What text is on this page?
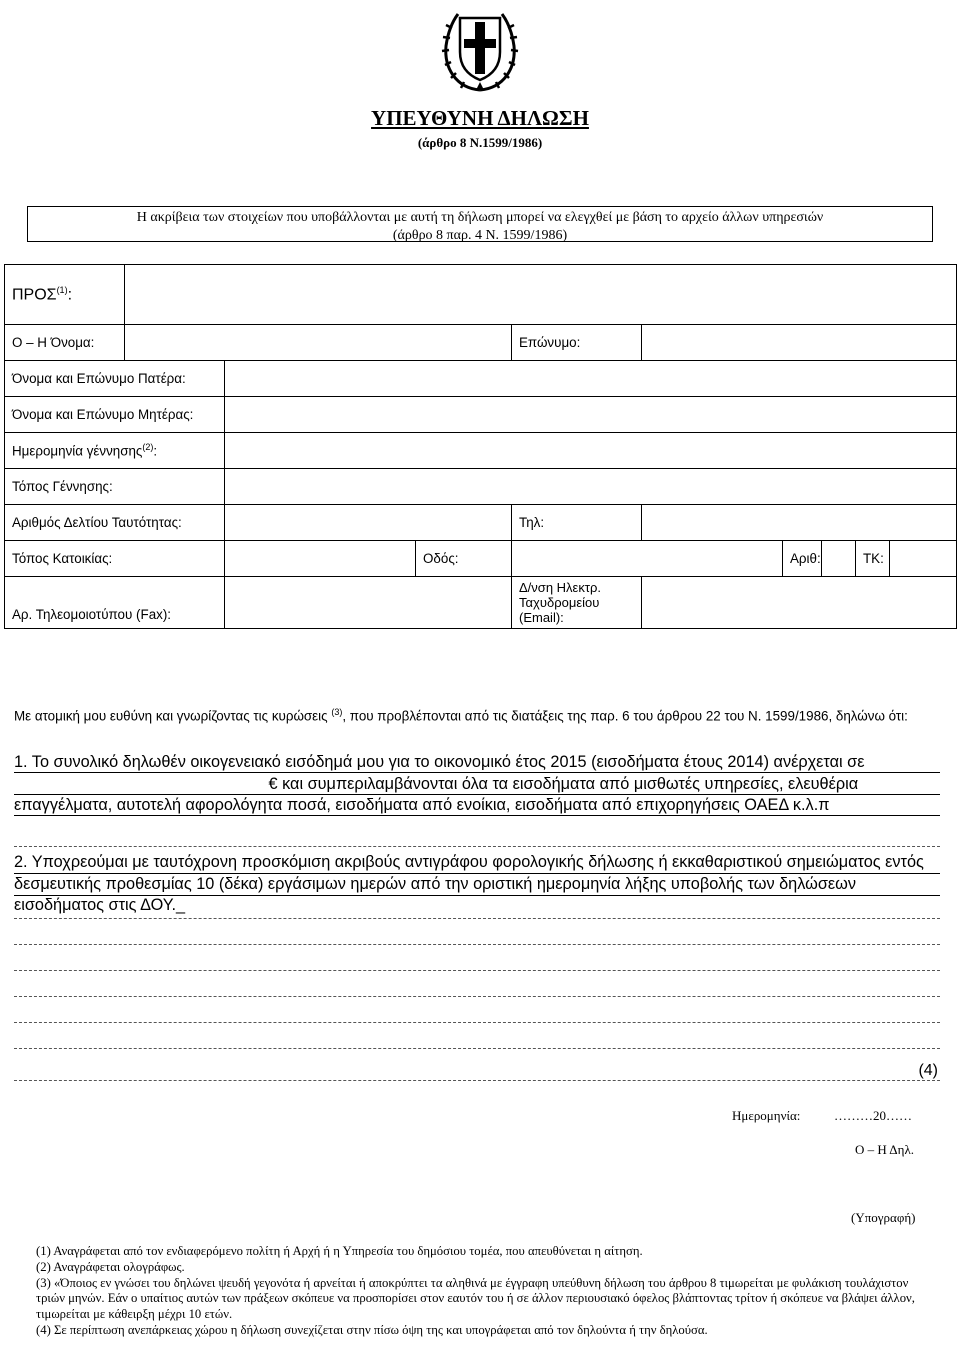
ΥΠΕΥΘΥΝΗ ΔΗΛΩΣΗ
(άρθρο 8 Ν.1599/1986)
Η ακρίβεια των στοιχείων που υποβάλλονται με αυτή τη δήλωση μπορεί να ελεγχθεί με βάση το αρχείο άλλων υπηρεσιών (άρθρο 8 παρ. 4 Ν. 1599/1986)
ΠΡΟΣ$^{(1)}$:									
Ο – Η Όνομα:				Επώνυμο:					
Όνομα και Επώνυμο Πατέρα:									
Όνομα και Επώνυμο Μητέρας:									
Ημερομηνία γέννησης$^{(2)}$:									
Τόπος Γέννησης:									
Αριθμός Δελτίου Ταυτότητας:				Τηλ:					
Τόπος Κατοικίας:			Οδός:			Αριθ:		ΤΚ:	
Αρ. Τηλεομοιοτύπου (Fax):				Δ/νση Ηλεκτρ.
Ταχυδρομείου
(Email):					

Με ατομική μου ευθύνη και γνωρίζοντας τις κυρώσεις $^{(3)}$, που προβλέπονται από τις διατάξεις της παρ. 6 του άρθρου 22 του Ν. 1599/1986, δηλώνω ότι:
1. Το συνολικό δηλωθέν οικογενειακό εισόδημά μου για το οικονομικό έτος 2015 (εισοδήματα έτους 2014) ανέρχεται σε  € και συμπεριλαμβάνονται όλα τα εισοδήματα από μισθωτές υπηρεσίες, ελευθέρια επαγγέλματα, αυτοτελή αφορολόγητα ποσά, εισοδήματα από ενοίκια, εισοδήματα από επιχορηγήσεις ΟΑΕΔ κ.λ.π
2. Υποχρεούμαι με ταυτόχρονη προσκόμιση ακριβούς αντιγράφου φορολογικής δήλωσης ή εκκαθαριστικού σημειώματος εντός δεσμευτικής προθεσμίας 10 (δέκα) εργάσιμων ημερών από την οριστική ημερομηνία λήξης υποβολής των δηλώσεων εισοδήματος στις ΔΟΥ._
(4)
Ημερομηνία:	………20……
Ο – Η Δηλ.
(Υπογραφή)
(1) Αναγράφεται από τον ενδιαφερόμενο πολίτη ή Αρχή ή η Υπηρεσία του δημόσιου τομέα, που απευθύνεται η αίτηση.
(2) Αναγράφεται ολογράφως.
(3) «Όποιος εν γνώσει του δηλώνει ψευδή γεγονότα ή αρνείται ή αποκρύπτει τα αληθινά με έγγραφη υπεύθυνη δήλωση του άρθρου 8 τιμωρείται με φυλάκιση τουλάχιστον τριών μηνών. Εάν ο υπαίτιος αυτών των πράξεων σκόπευε να προσπορίσει στον εαυτόν του ή σε άλλον περιουσιακό όφελος βλάπτοντας τρίτον ή σκόπευε να βλάψει άλλον, τιμωρείται με κάθειρξη μέχρι 10 ετών.
(4) Σε περίπτωση ανεπάρκειας χώρου η δήλωση συνεχίζεται στην πίσω όψη της και υπογράφεται από τον δηλούντα ή την δηλούσα.
